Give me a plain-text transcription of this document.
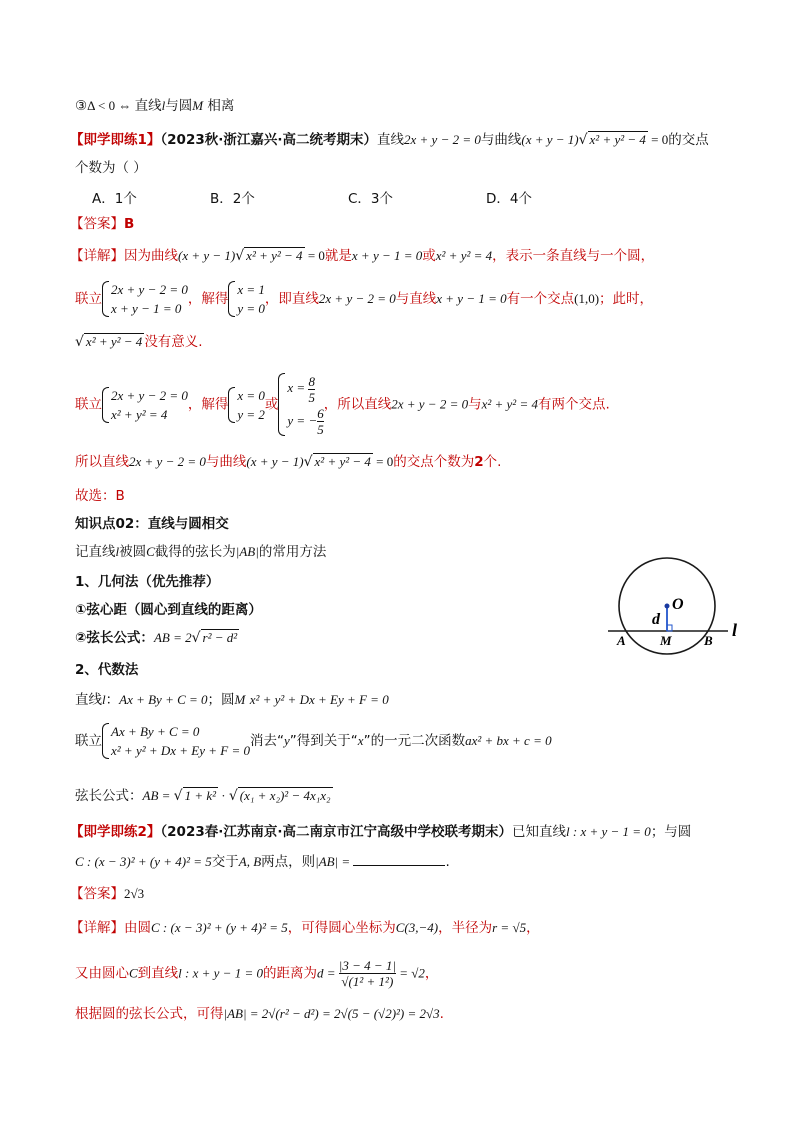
③Δ < 0 ⇔ 直线l与圆M 相离
【即学即练1】（2023秋·浙江嘉兴·高二统考期末）直线2x + y − 2 = 0与曲线(x + y − 1)√ x² + y² − 4 = 0的交点
个数为（ ）
A．1个	B．2个	C．3个	D．4个
【答案】B
【详解】因为曲线(x + y − 1)√ x² + y² − 4 = 0就是x + y − 1 = 0或x² + y² = 4，表示一条直线与一个圆，
联立
2x + y − 2 = 0
x + y − 1 = 0
，解得
x = 1
y = 0
，即直线2x + y − 2 = 0与直线x + y − 1 = 0有一个交点(1,0)；此时，
√ x² + y² − 4 没有意义.
联立
2x + y − 2 = 0
x² + y² = 4
，解得
x = 0
y = 2
或
$x = \frac{8}{5}$
y = − $\frac{6}{5}$
，所以直线2x + y − 2 = 0与x² + y² = 4有两个交点.
所以直线2x + y − 2 = 0与曲线(x + y − 1)√ x² + y² − 4 = 0的交点个数为2个.
故选：B
知识点02：直线与圆相交
记直线l被圆C截得的弦长为|AB|的常用方法
1、几何法（优先推荐）
①弦心距（圆心到直线的距离）
②弦长公式：AB = 2√ r² − d²
2、代数法
直线l：Ax + By + C = 0；圆M x² + y² + Dx + Ey + F = 0
联立
Ax + By + C = 0
x² + y² + Dx + Ey + F = 0
消去“y”得到关于“x”的一元二次函数ax² + bx + c = 0
弦长公式：AB = √ 1 + k² · √ (x₁ + x₂)² − 4x₁x₂
O
d
A	M B
l
【即学即练2】（2023春·江苏南京·高二南京市江宁高级中学校联考期末）已知直线l : x + y − 1 = 0；与圆
C : (x − 3)² + (y + 4)² = 5交于A, B两点，则|AB| =	.
【答案】2√3
【详解】由圆C : (x − 3)² + (y + 4)² = 5，可得圆心坐标为C(3,−4)，半径为r = √5，
又由圆心C到直线l : x + y − 1 = 0的距离为$d = \frac{|3 - 4 - 1|}{\text{√(1² + 1²)}} = √2$，
根据圆的弦长公式，可得|AB| = 2√(r² − d²) = 2√(5 − (√2)²) = 2√3.
